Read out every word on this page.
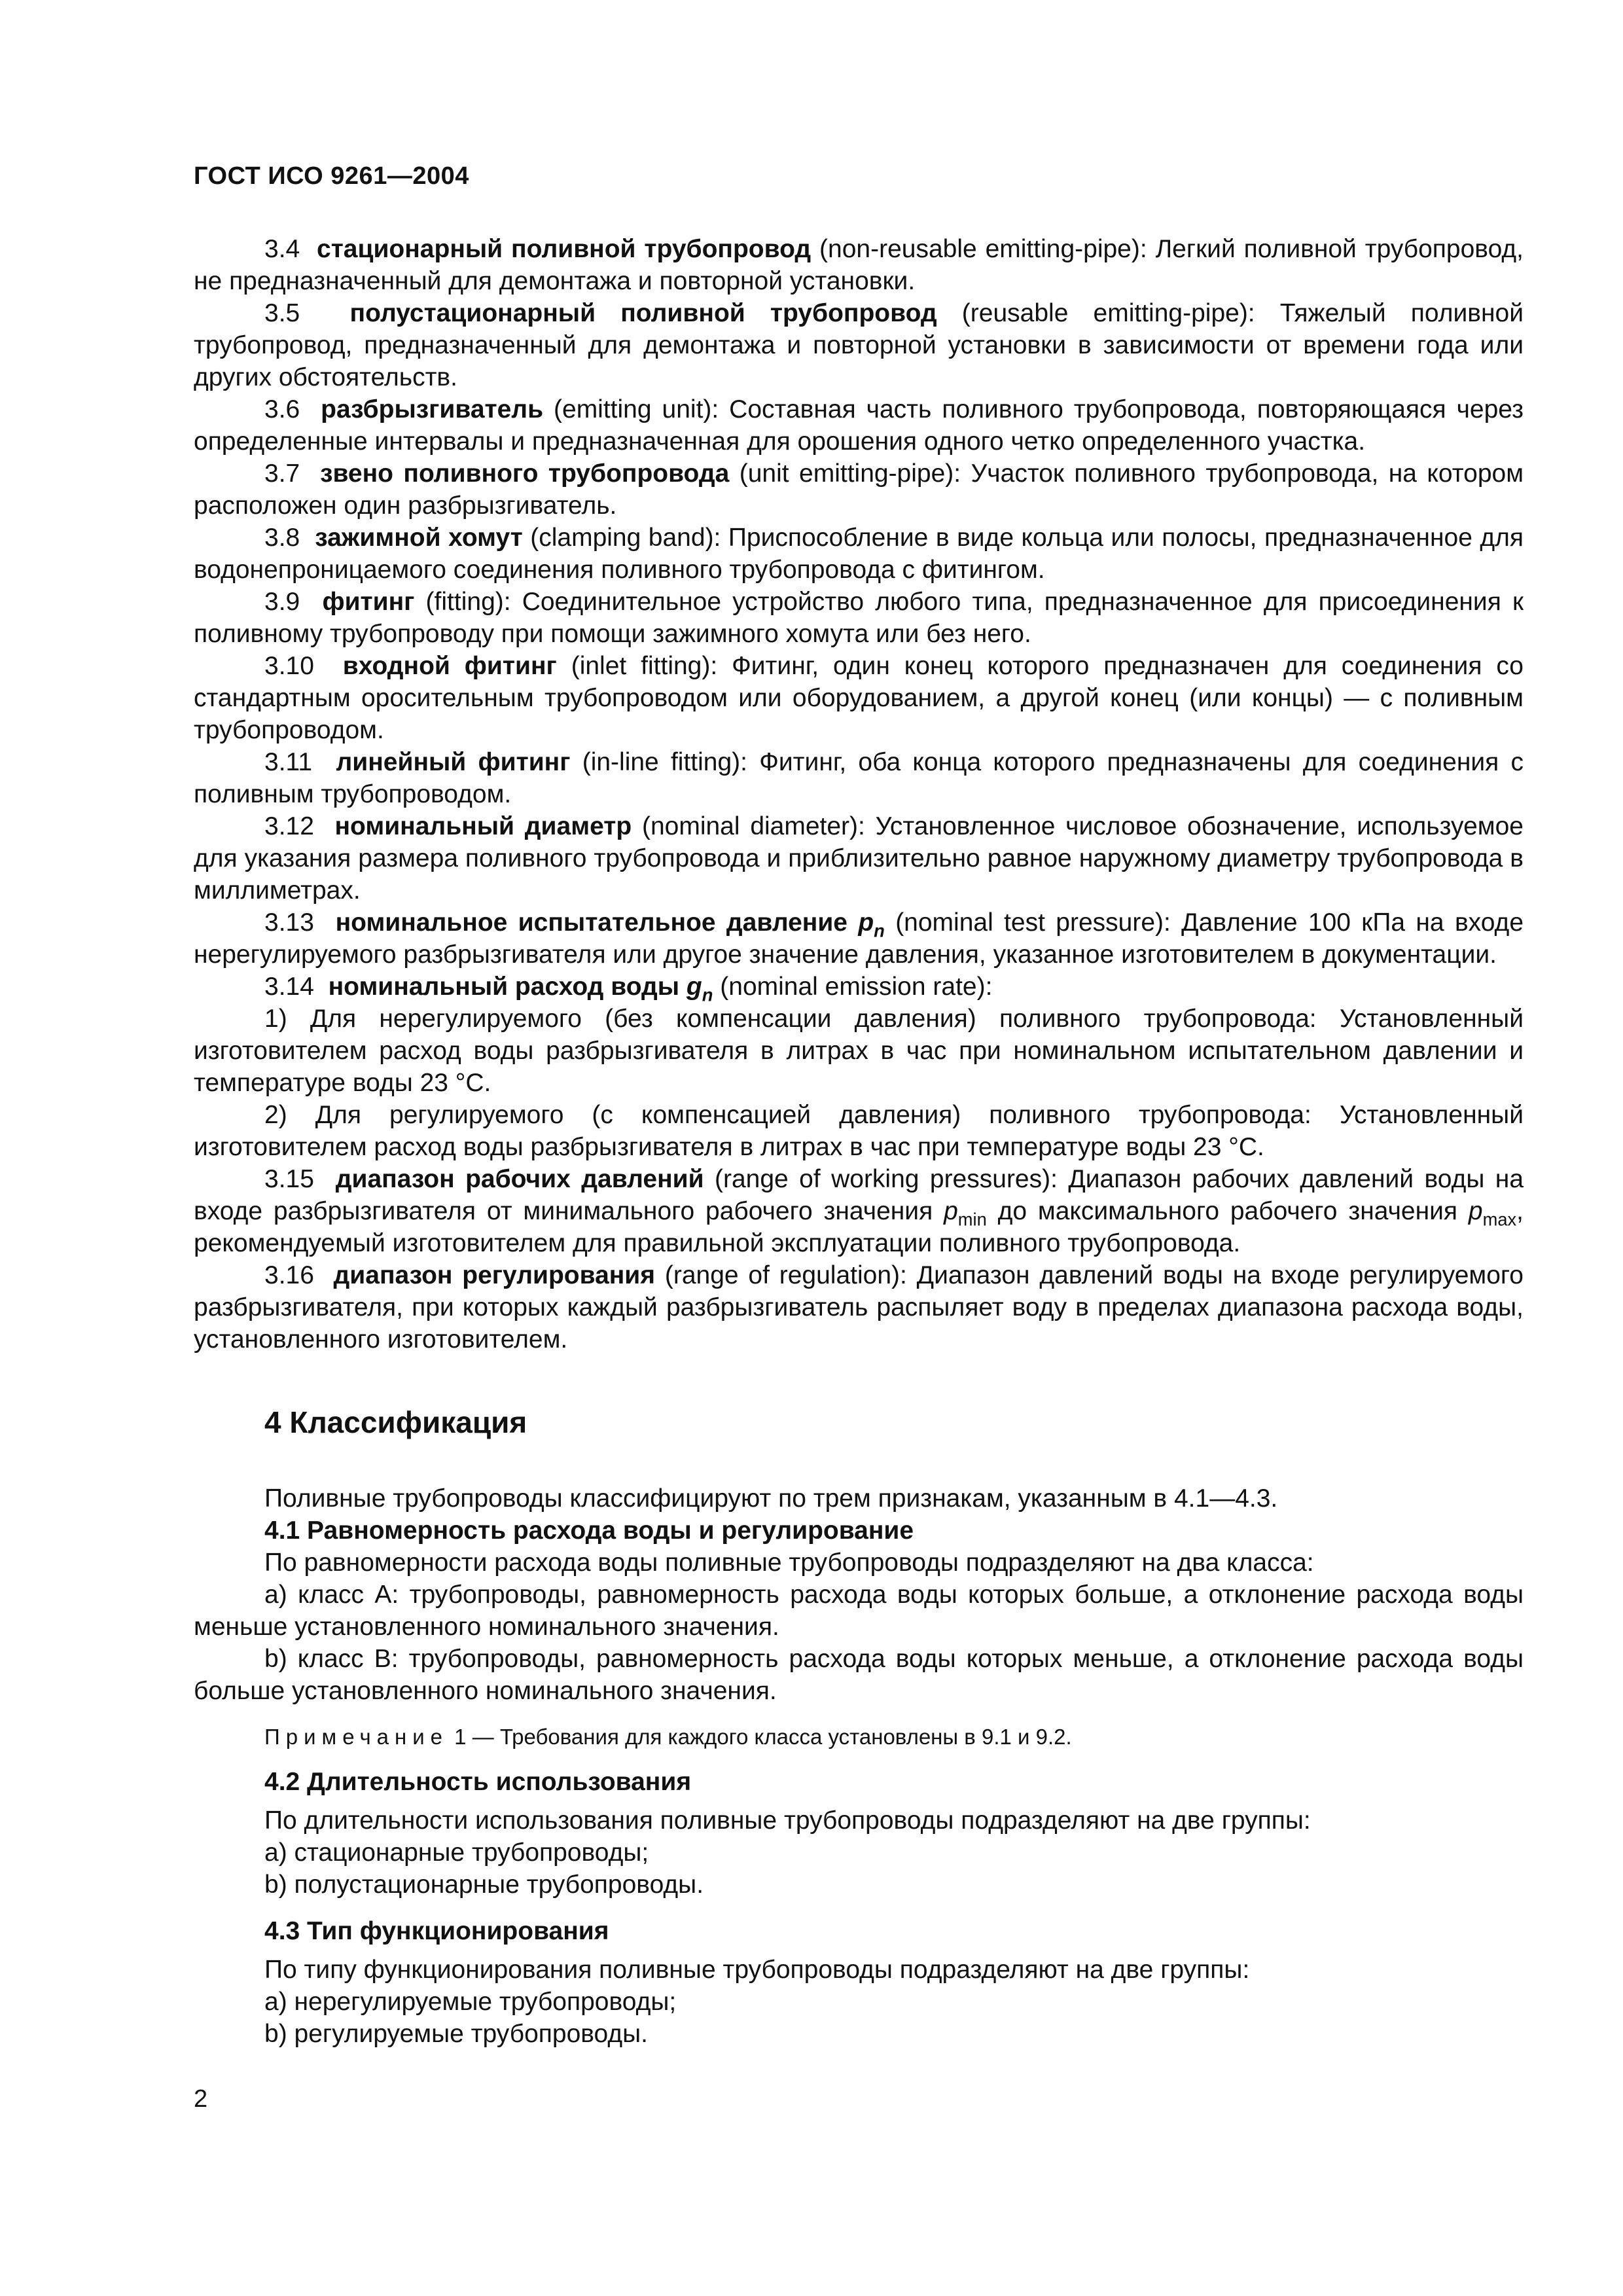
ГОСТ ИСО 9261—2004

3.4 стационарный поливной трубопровод (non-reusable emitting-pipe): Легкий поливной трубопровод, не предназначенный для демонтажа и повторной установки.

3.5 полустационарный поливной трубопровод (reusable emitting-pipe): Тяжелый поливной трубопровод, предназначенный для демонтажа и повторной установки в зависимости от времени года или других обстоятельств.

3.6 разбрызгиватель (emitting unit): Составная часть поливного трубопровода, повторяющаяся через определенные интервалы и предназначенная для орошения одного четко определенного участка.

3.7 звено поливного трубопровода (unit emitting-pipe): Участок поливного трубопровода, на котором расположен один разбрызгиватель.

3.8 зажимной хомут (clamping band): Приспособление в виде кольца или полосы, предназначенное для водонепроницаемого соединения поливного трубопровода с фитингом.

3.9 фитинг (fitting): Соединительное устройство любого типа, предназначенное для присоединения к поливному трубопроводу при помощи зажимного хомута или без него.

3.10 входной фитинг (inlet fitting): Фитинг, один конец которого предназначен для соединения со стандартным оросительным трубопроводом или оборудованием, а другой конец (или концы) — с поливным трубопроводом.

3.11 линейный фитинг (in-line fitting): Фитинг, оба конца которого предназначены для соединения с поливным трубопроводом.

3.12 номинальный диаметр (nominal diameter): Установленное числовое обозначение, используемое для указания размера поливного трубопровода и приблизительно равное наружному диаметру трубопровода в миллиметрах.

3.13 номинальное испытательное давление $p_n$ (nominal test pressure): Давление 100 кПа на входе нерегулируемого разбрызгивателя или другое значение давления, указанное изготовителем в документации.

3.14 номинальный расход воды $g_n$ (nominal emission rate):

1) Для нерегулируемого (без компенсации давления) поливного трубопровода: Установленный изготовителем расход воды разбрызгивателя в литрах в час при номинальном испытательном давлении и температуре воды 23 °С.

2) Для регулируемого (с компенсацией давления) поливного трубопровода: Установленный изготовителем расход воды разбрызгивателя в литрах в час при температуре воды 23 °С.

3.15 диапазон рабочих давлений (range of working pressures): Диапазон рабочих давлений воды на входе разбрызгивателя от минимального рабочего значения $p_{min}$ до максимального рабочего значения $p_{max}$, рекомендуемый изготовителем для правильной эксплуатации поливного трубопровода.

3.16 диапазон регулирования (range of regulation): Диапазон давлений воды на входе регулируемого разбрызгивателя, при которых каждый разбрызгиватель распыляет воду в пределах диапазона расхода воды, установленного изготовителем.

4 Классификация

Поливные трубопроводы классифицируют по трем признакам, указанным в 4.1—4.3.

4.1 Равномерность расхода воды и регулирование

По равномерности расхода воды поливные трубопроводы подразделяют на два класса:

а) класс А: трубопроводы, равномерность расхода воды которых больше, а отклонение расхода воды меньше установленного номинального значения.

b) класс В: трубопроводы, равномерность расхода воды которых меньше, а отклонение расхода воды больше установленного номинального значения.

Примечание 1 — Требования для каждого класса установлены в 9.1 и 9.2.

4.2 Длительность использования

По длительности использования поливные трубопроводы подразделяют на две группы:

а) стационарные трубопроводы;

b) полустационарные трубопроводы.

4.3 Тип функционирования

По типу функционирования поливные трубопроводы подразделяют на две группы:

а) нерегулируемые трубопроводы;

b) регулируемые трубопроводы.

2
